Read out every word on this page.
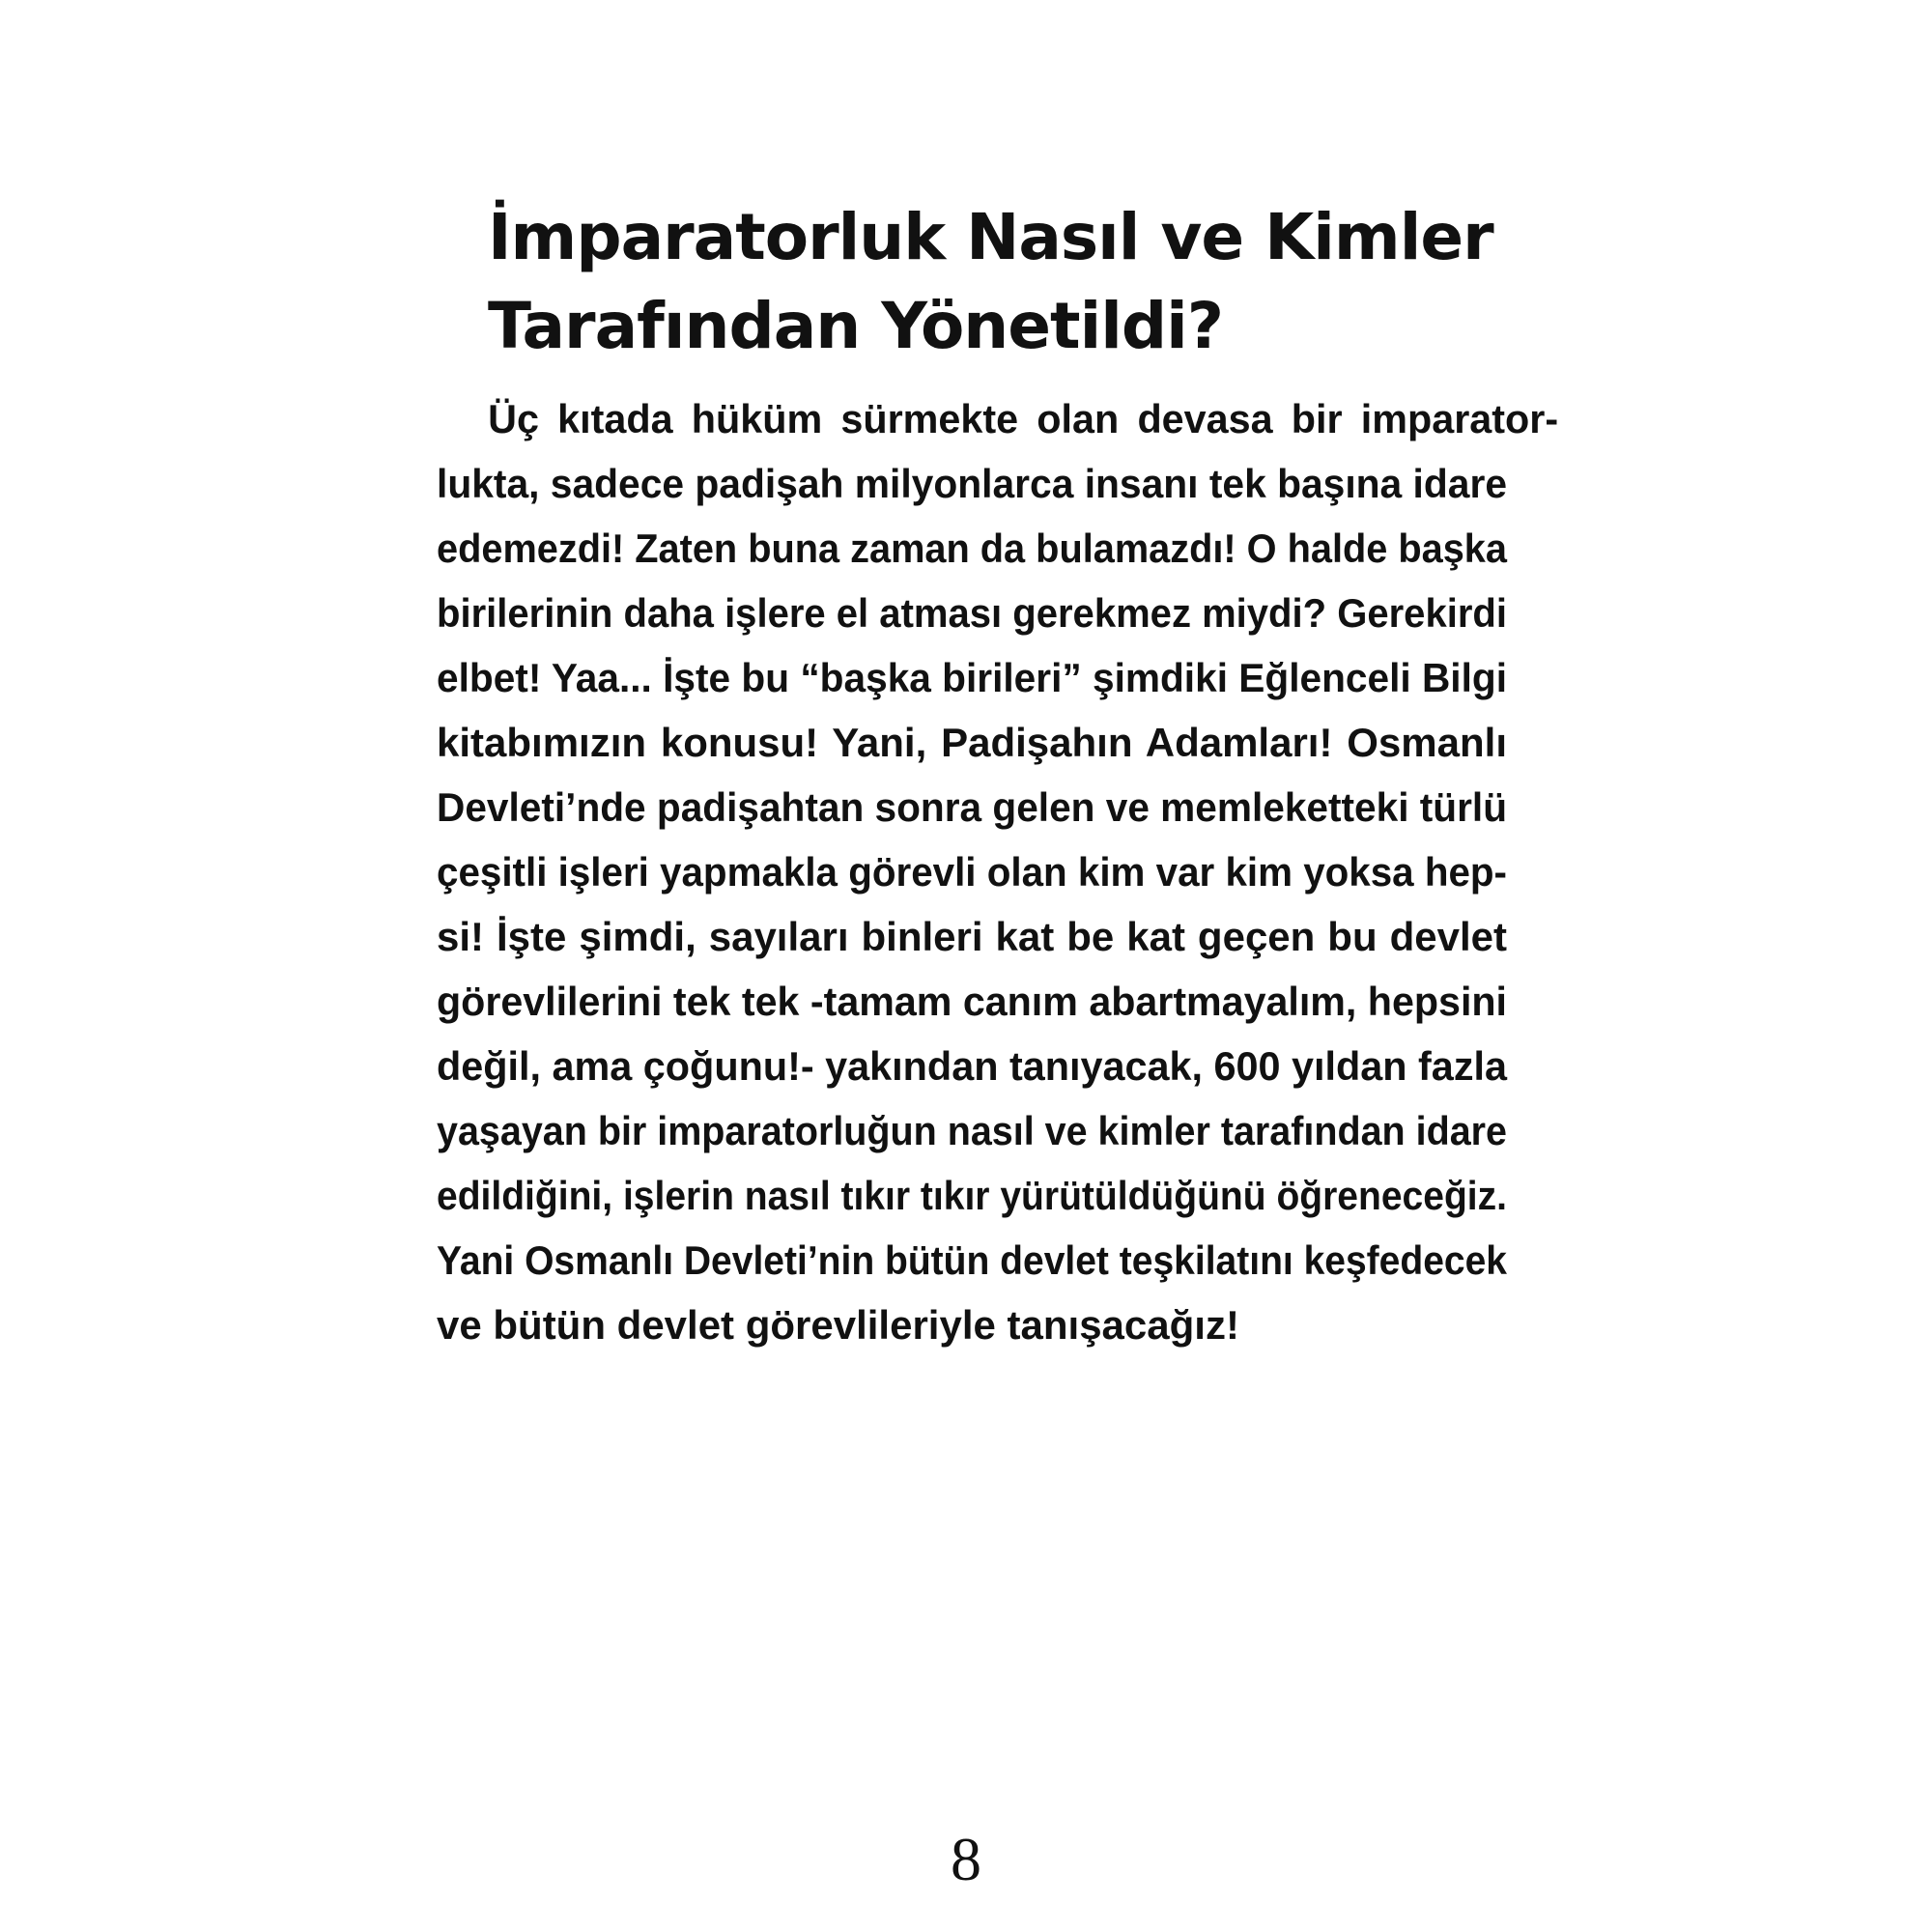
İmparatorluk Nasıl ve Kimler
Tarafından Yönetildi?
Üç kıtada hüküm sürmekte olan devasa bir imparator-
lukta, sadece padişah milyonlarca insanı tek başına idare
edemezdi! Zaten buna zaman da bulamazdı! O halde başka
birilerinin daha işlere el atması gerekmez miydi? Gerekirdi
elbet! Yaa... İşte bu “başka birileri” şimdiki Eğlenceli Bilgi
kitabımızın konusu! Yani, Padişahın Adamları! Osmanlı
Devleti’nde padişahtan sonra gelen ve memleketteki türlü
çeşitli işleri yapmakla görevli olan kim var kim yoksa hep-
si! İşte şimdi, sayıları binleri kat be kat geçen bu devlet
görevlilerini tek tek -tamam canım abartmayalım, hepsini
değil, ama çoğunu!- yakından tanıyacak, 600 yıldan fazla
yaşayan bir imparatorluğun nasıl ve kimler tarafından idare
edildiğini, işlerin nasıl tıkır tıkır yürütüldüğünü öğreneceğiz.
Yani Osmanlı Devleti’nin bütün devlet teşkilatını keşfedecek
ve bütün devlet görevlileriyle tanışacağız!
8
